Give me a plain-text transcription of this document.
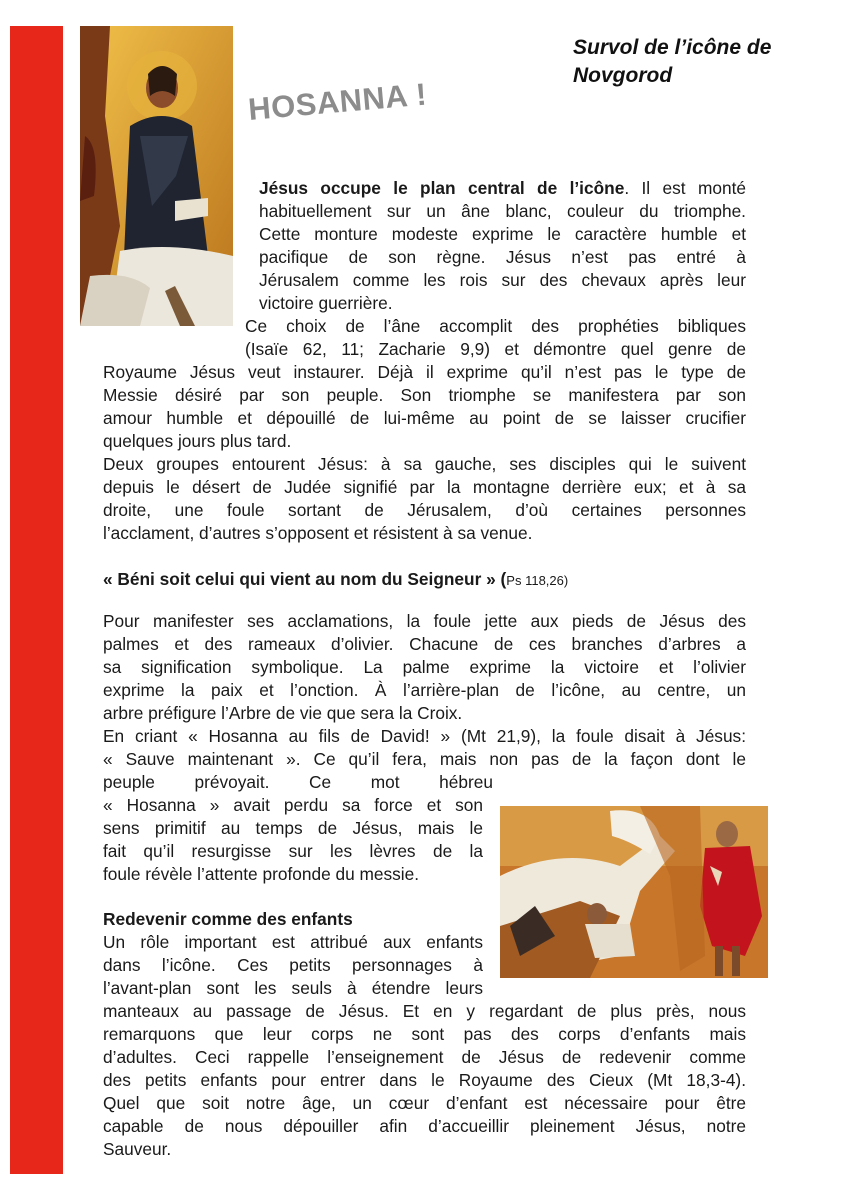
Survol de l’icône de
Novgorod
HOSANNA !
Jésus occupe le plan central de l’icône. Il est monté
habituellement sur un âne blanc, couleur du triomphe.
Cette monture modeste exprime le caractère humble et
pacifique de son règne. Jésus n’est pas entré à
Jérusalem comme les rois sur des chevaux après leur
victoire guerrière.
Ce choix de l’âne accomplit des prophéties bibliques
(Isaïe 62, 11; Zacharie 9,9) et démontre quel genre de
Royaume Jésus veut instaurer. Déjà il exprime qu’il n’est pas le type de
Messie désiré par son peuple. Son triomphe se manifestera par son
amour humble et dépouillé de lui-même au point de se laisser crucifier
quelques jours plus tard.
Deux groupes entourent Jésus: à sa gauche, ses disciples qui le suivent
depuis le désert de Judée signifié par la montagne derrière eux; et à sa
droite, une foule sortant de Jérusalem, d’où certaines personnes
l’acclament, d’autres s’opposent et résistent à sa venue.
« Béni soit celui qui vient au nom du Seigneur » (Ps 118,26)
Pour manifester ses acclamations, la foule jette aux pieds de Jésus des
palmes et des rameaux d’olivier. Chacune de ces branches d’arbres a
sa signification symbolique. La palme exprime la victoire et l’olivier
exprime la paix et l’onction. À l’arrière-plan de l’icône, au centre, un
arbre préfigure l’Arbre de vie que sera la Croix.
En criant « Hosanna au fils de David! » (Mt 21,9), la foule disait à Jésus:
« Sauve maintenant ». Ce qu’il fera, mais non pas de la façon dont le
peuple prévoyait. Ce mot hébreu
« Hosanna » avait perdu sa force et son
sens primitif au temps de Jésus, mais le
fait qu’il resurgisse sur les lèvres de la
foule révèle l’attente profonde du messie.
Redevenir comme des enfants
Un rôle important est attribué aux enfants
dans l’icône. Ces petits personnages à
l’avant-plan sont les seuls à étendre leurs
manteaux au passage de Jésus. Et en y regardant de plus près, nous
remarquons que leur corps ne sont pas des corps d’enfants mais
d’adultes. Ceci rappelle l’enseignement de Jésus de redevenir comme
des petits enfants pour entrer dans le Royaume des Cieux (Mt 18,3-4).
Quel que soit notre âge, un cœur d’enfant est nécessaire pour être
capable de nous dépouiller afin d’accueillir pleinement Jésus, notre
Sauveur.
